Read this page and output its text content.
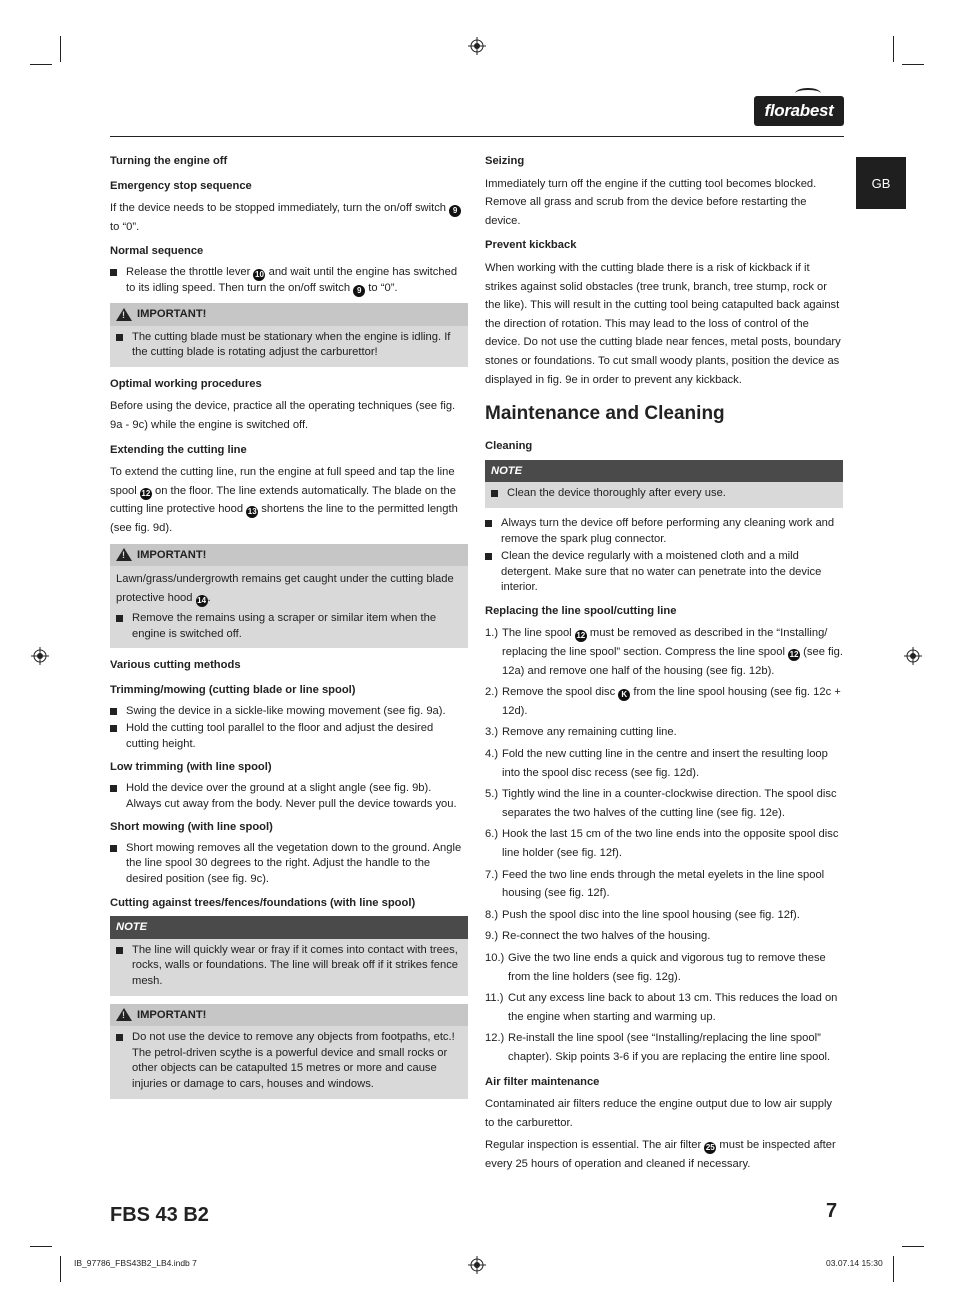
florabest
GB
Turning the engine off
Emergency stop sequence

If the device needs to be stopped immediately, turn the on/off switch 9 to “0”.

Normal sequence
Release the throttle lever 10 and wait until the engine has switched to its idling speed. Then turn the on/off switch 9 to “0”.
!
IMPORTANT!
The cutting blade must be stationary when the engine is idling. If the cutting blade is rotating adjust the carburettor!
Optimal working procedures

Before using the device, practice all the operating techniques (see fig. 9a - 9c) while the engine is switched off.

Extending the cutting line

To extend the cutting line, run the engine at full speed and tap the line spool 12 on the floor. The line extends automatically. The blade on the cutting line protective hood 13 shortens the line to the permitted length (see fig. 9d).

!
IMPORTANT!

Lawn/grass/undergrowth remains get caught under the cutting blade protective hood 14 .

Remove the remains using a scraper or similar item when the engine is switched off.
Various cutting methods
Trimming/mowing (cutting blade or line spool)
Swing the device in a sickle-like mowing movement (see fig. 9a).
Hold the cutting tool parallel to the floor and adjust the desired cutting height.
Low trimming (with line spool)
Hold the device over the ground at a slight angle (see fig. 9b). Always cut away from the body. Never pull the device towards you.
Short mowing (with line spool)
Short mowing removes all the vegetation down to the ground. Angle the line spool 30 degrees to the right. Adjust the handle to the desired position (see fig. 9c).
Cutting against trees/fences/foundations (with line spool)
NOTE
The line will quickly wear or fray if it comes into contact with trees, rocks, walls or foundations. The line will break off if it strikes fence mesh.
!
IMPORTANT!
Do not use the device to remove any objects from footpaths, etc.! The petrol-driven scythe is a powerful device and small rocks or other objects can be catapulted 15 metres or more and cause injuries or damage to cars, houses and windows.
Seizing

Immediately turn off the engine if the cutting tool becomes blocked. Remove all grass and scrub from the device before restarting the device.

Prevent kickback

When working with the cutting blade there is a risk of kickback if it strikes against solid obstacles (tree trunk, branch, tree stump, rock or the like). This will result in the cutting tool being catapulted back against the direction of rotation. This may lead to the loss of control of the device. Do not use the cutting blade near fences, metal posts, boundary stones or foundations. To cut small woody plants, position the device as displayed in fig. 9e in order to prevent any kickback.

Maintenance and Cleaning
Cleaning
NOTE
Clean the device thoroughly after every use.
Always turn the device off before performing any cleaning work and remove the spark plug connector.
Clean the device regularly with a moistened cloth and a mild detergent. Make sure that no water can penetrate into the device interior.
Replacing the line spool/cutting line
1.) The line spool 12 must be removed as described in the “Installing/ replacing the line spool” section. Compress the line spool 12 (see fig. 12a) and remove one half of the housing (see fig. 12b).
2.) Remove the spool disc K from the line spool housing (see fig. 12c + 12d).
3.) Remove any remaining cutting line.
4.) Fold the new cutting line in the centre and insert the resulting loop into the spool disc recess (see fig. 12d).
5.) Tightly wind the line in a counter-clockwise direction. The spool disc separates the two halves of the cutting line (see fig. 12e).
6.) Hook the last 15 cm of the two line ends into the opposite spool disc line holder (see fig. 12f).
7.) Feed the two line ends through the metal eyelets in the line spool housing (see fig. 12f).
8.) Push the spool disc into the line spool housing (see fig. 12f).
9.) Re-connect the two halves of the housing.
10.) Give the two line ends a quick and vigorous tug to remove these from the line holders (see fig. 12g).
11.) Cut any excess line back to about 13 cm. This reduces the load on the engine when starting and warming up.
12.) Re-install the line spool (see “Installing/replacing the line spool” chapter). Skip points 3-6 if you are replacing the entire line spool.
Air filter maintenance

Contaminated air filters reduce the engine output due to low air supply to the carburettor.

Regular inspection is essential. The air filter 25 must be inspected after every 25 hours of operation and cleaned if necessary.

FBS 43 B2	7
IB_97786_FBS43B2_LB4.indb 7	03.07.14 15:30
